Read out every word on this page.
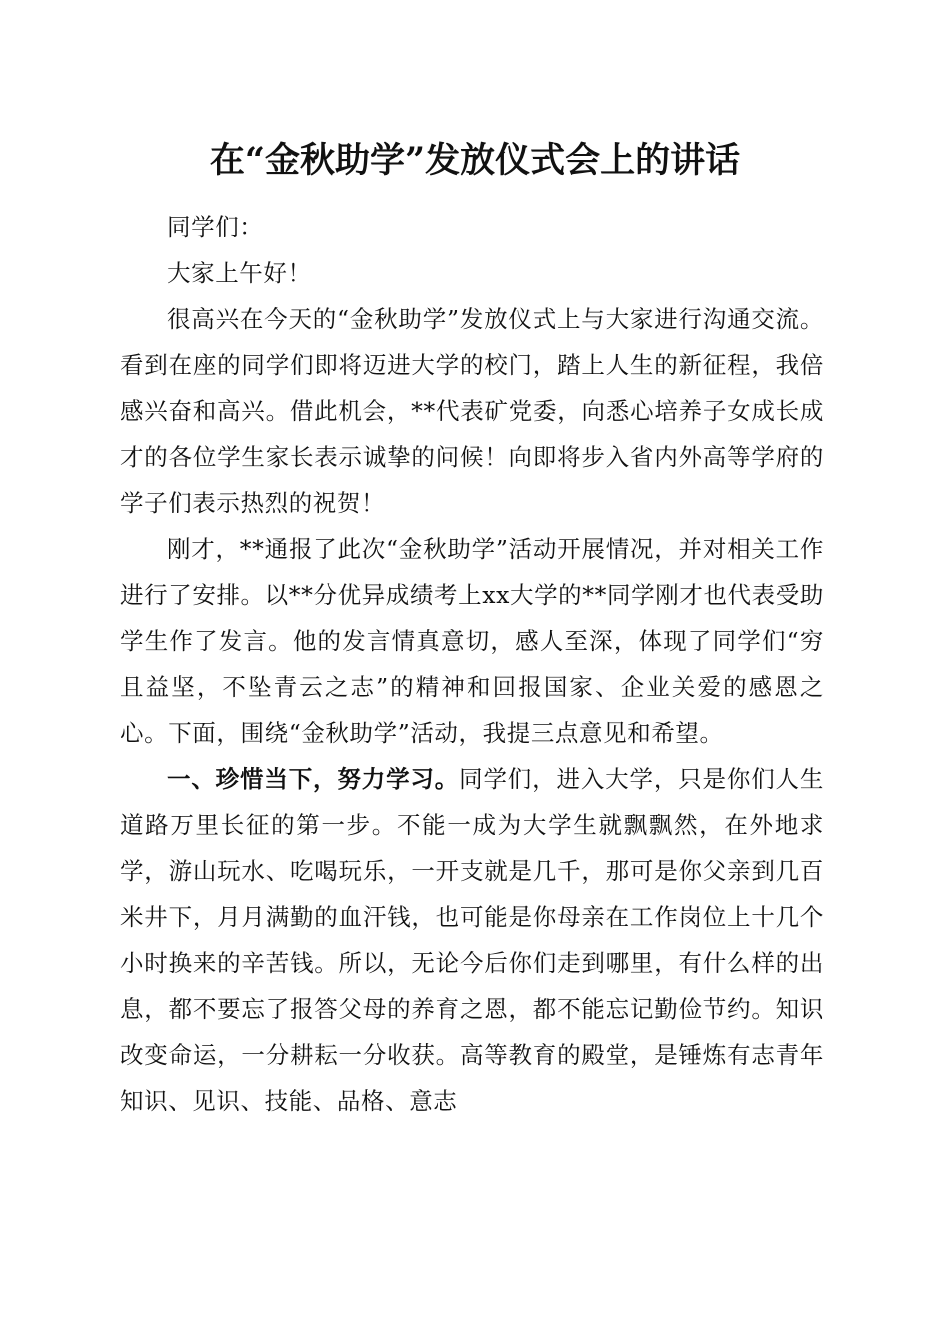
在“金秋助学”发放仪式会上的讲话

同学们：

大家上午好！

很高兴在今天的“金秋助学”发放仪式上与大家进行沟通交流。看到在座的同学们即将迈进大学的校门，踏上人生的新征程，我倍感兴奋和高兴。借此机会，**代表矿党委，向悉心培养子女成长成才的各位学生家长表示诚挚的问候！向即将步入省内外高等学府的学子们表示热烈的祝贺！

刚才，**通报了此次“金秋助学”活动开展情况，并对相关工作进行了安排。以**分优异成绩考上xx大学的**同学刚才也代表受助学生作了发言。他的发言情真意切，感人至深，体现了同学们“穷且益坚，不坠青云之志”的精神和回报国家、企业关爱的感恩之心。下面，围绕“金秋助学”活动，我提三点意见和希望。

一、珍惜当下，努力学习。同学们，进入大学，只是你们人生道路万里长征的第一步。不能一成为大学生就飘飘然，在外地求学，游山玩水、吃喝玩乐，一开支就是几千，那可是你父亲到几百米井下，月月满勤的血汗钱，也可能是你母亲在工作岗位上十几个小时换来的辛苦钱。所以，无论今后你们走到哪里，有什么样的出息，都不要忘了报答父母的养育之恩，都不能忘记勤俭节约。知识改变命运，一分耕耘一分收获。高等教育的殿堂，是锤炼有志青年知识、见识、技能、品格、意志
